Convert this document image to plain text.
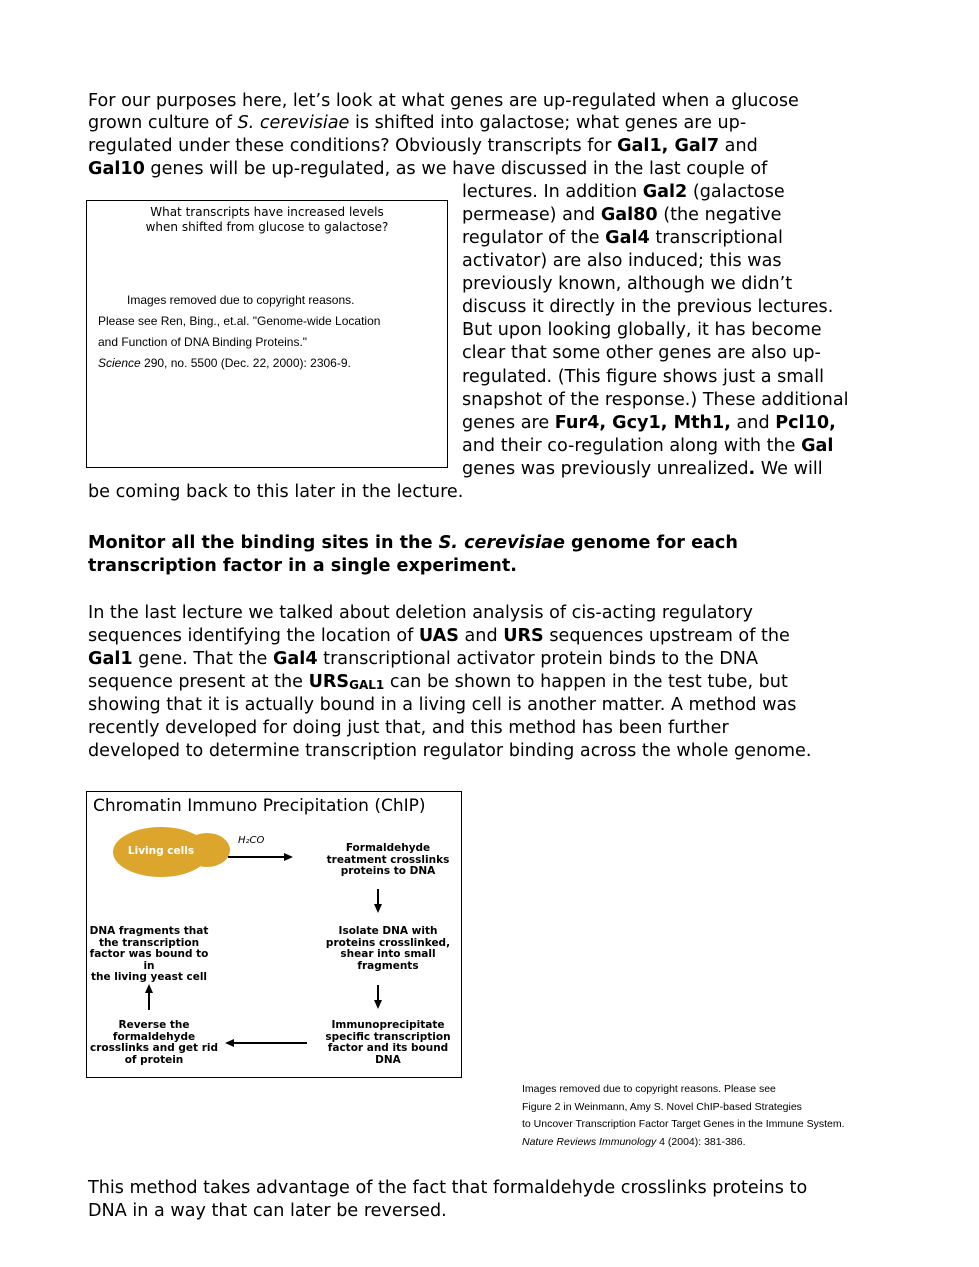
For our purposes here, let’s look at what genes are up-regulated when a glucose
grown culture of S. cerevisiae is shifted into galactose; what genes are up-
regulated under these conditions? Obviously transcripts for Gal1, Gal7 and
Gal10 genes will be up-regulated, as we have discussed in the last couple of
lectures. In addition Gal2 (galactose
permease) and Gal80 (the negative
regulator of the Gal4 transcriptional
activator) are also induced; this was
previously known, although we didn’t
discuss it directly in the previous lectures.
But upon looking globally, it has become
clear that some other genes are also up-
regulated. (This figure shows just a small
snapshot of the response.) These additional
genes are Fur4, Gcy1, Mth1, and Pcl10,
and their co-regulation along with the Gal
genes was previously unrealized. We will
be coming back to this later in the lecture.
What transcripts have increased levels
when shifted from glucose to galactose?
Images removed due to copyright reasons.
Please see Ren, Bing., et.al. "Genome-wide Location
and Function of DNA Binding Proteins."
Science 290, no. 5500 (Dec. 22, 2000): 2306-9.
Monitor all the binding sites in the S. cerevisiae genome for each
transcription factor in a single experiment.
In the last lecture we talked about deletion analysis of cis-acting regulatory
sequences identifying the location of UAS and URS sequences upstream of the
Gal1 gene. That the Gal4 transcriptional activator protein binds to the DNA
sequence present at the URSGAL1 can be shown to happen in the test tube, but
showing that it is actually bound in a living cell is another matter. A method was
recently developed for doing just that, and this method has been further
developed to determine transcription regulator binding across the whole genome.
Chromatin Immuno Precipitation (ChIP)
Living cells
H₂CO
Formaldehyde
treatment crosslinks
proteins to DNA
Isolate DNA with
proteins crosslinked,
shear into small
fragments
Immunoprecipitate
specific transcription
factor and its bound
DNA
Reverse the
formaldehyde
crosslinks and get rid
of protein
DNA fragments that
the transcription
factor was bound to in
the living yeast cell
Images removed due to copyright reasons. Please see
Figure 2 in Weinmann, Amy S. Novel ChIP-based Strategies
to Uncover Transcription Factor Target Genes in the Immune System.
Nature Reviews Immunology 4 (2004): 381-386.
This method takes advantage of the fact that formaldehyde crosslinks proteins to
DNA in a way that can later be reversed.
